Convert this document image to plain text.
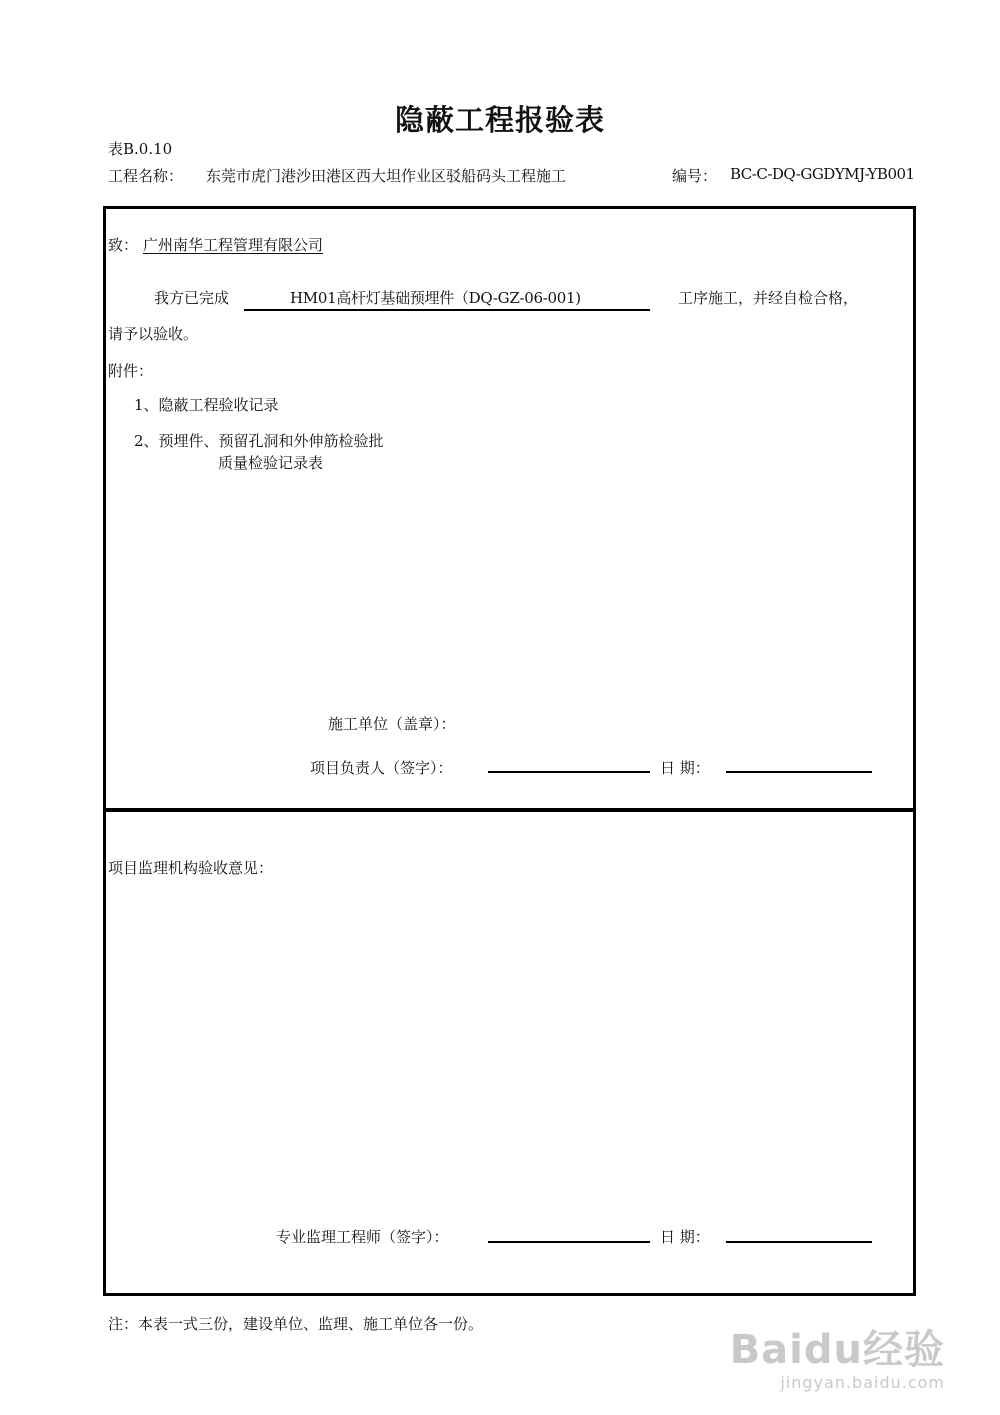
隐蔽工程报验表
表B.0.10
工程名称： 东莞市虎门港沙田港区西大坦作业区驳船码头工程施工	编号： BC-C-DQ-GGDYMJ-YB001
致： 广州南华工程管理有限公司
我方已完成	HM01高杆灯基础预埋件（DQ-GZ-06-001)	工序施工，并经自检合格，
请予以验收。
附件：
1、隐蔽工程验收记录
2、预埋件、预留孔洞和外伸筋检验批
质量检验记录表
施工单位（盖章）：
项目负责人（签字）：	日 期：
项目监理机构验收意见：
专业监理工程师（签字）：	日 期：
注：本表一式三份，建设单位、监理、施工单位各一份。
Baidu经验
jingyan.baidu.com
